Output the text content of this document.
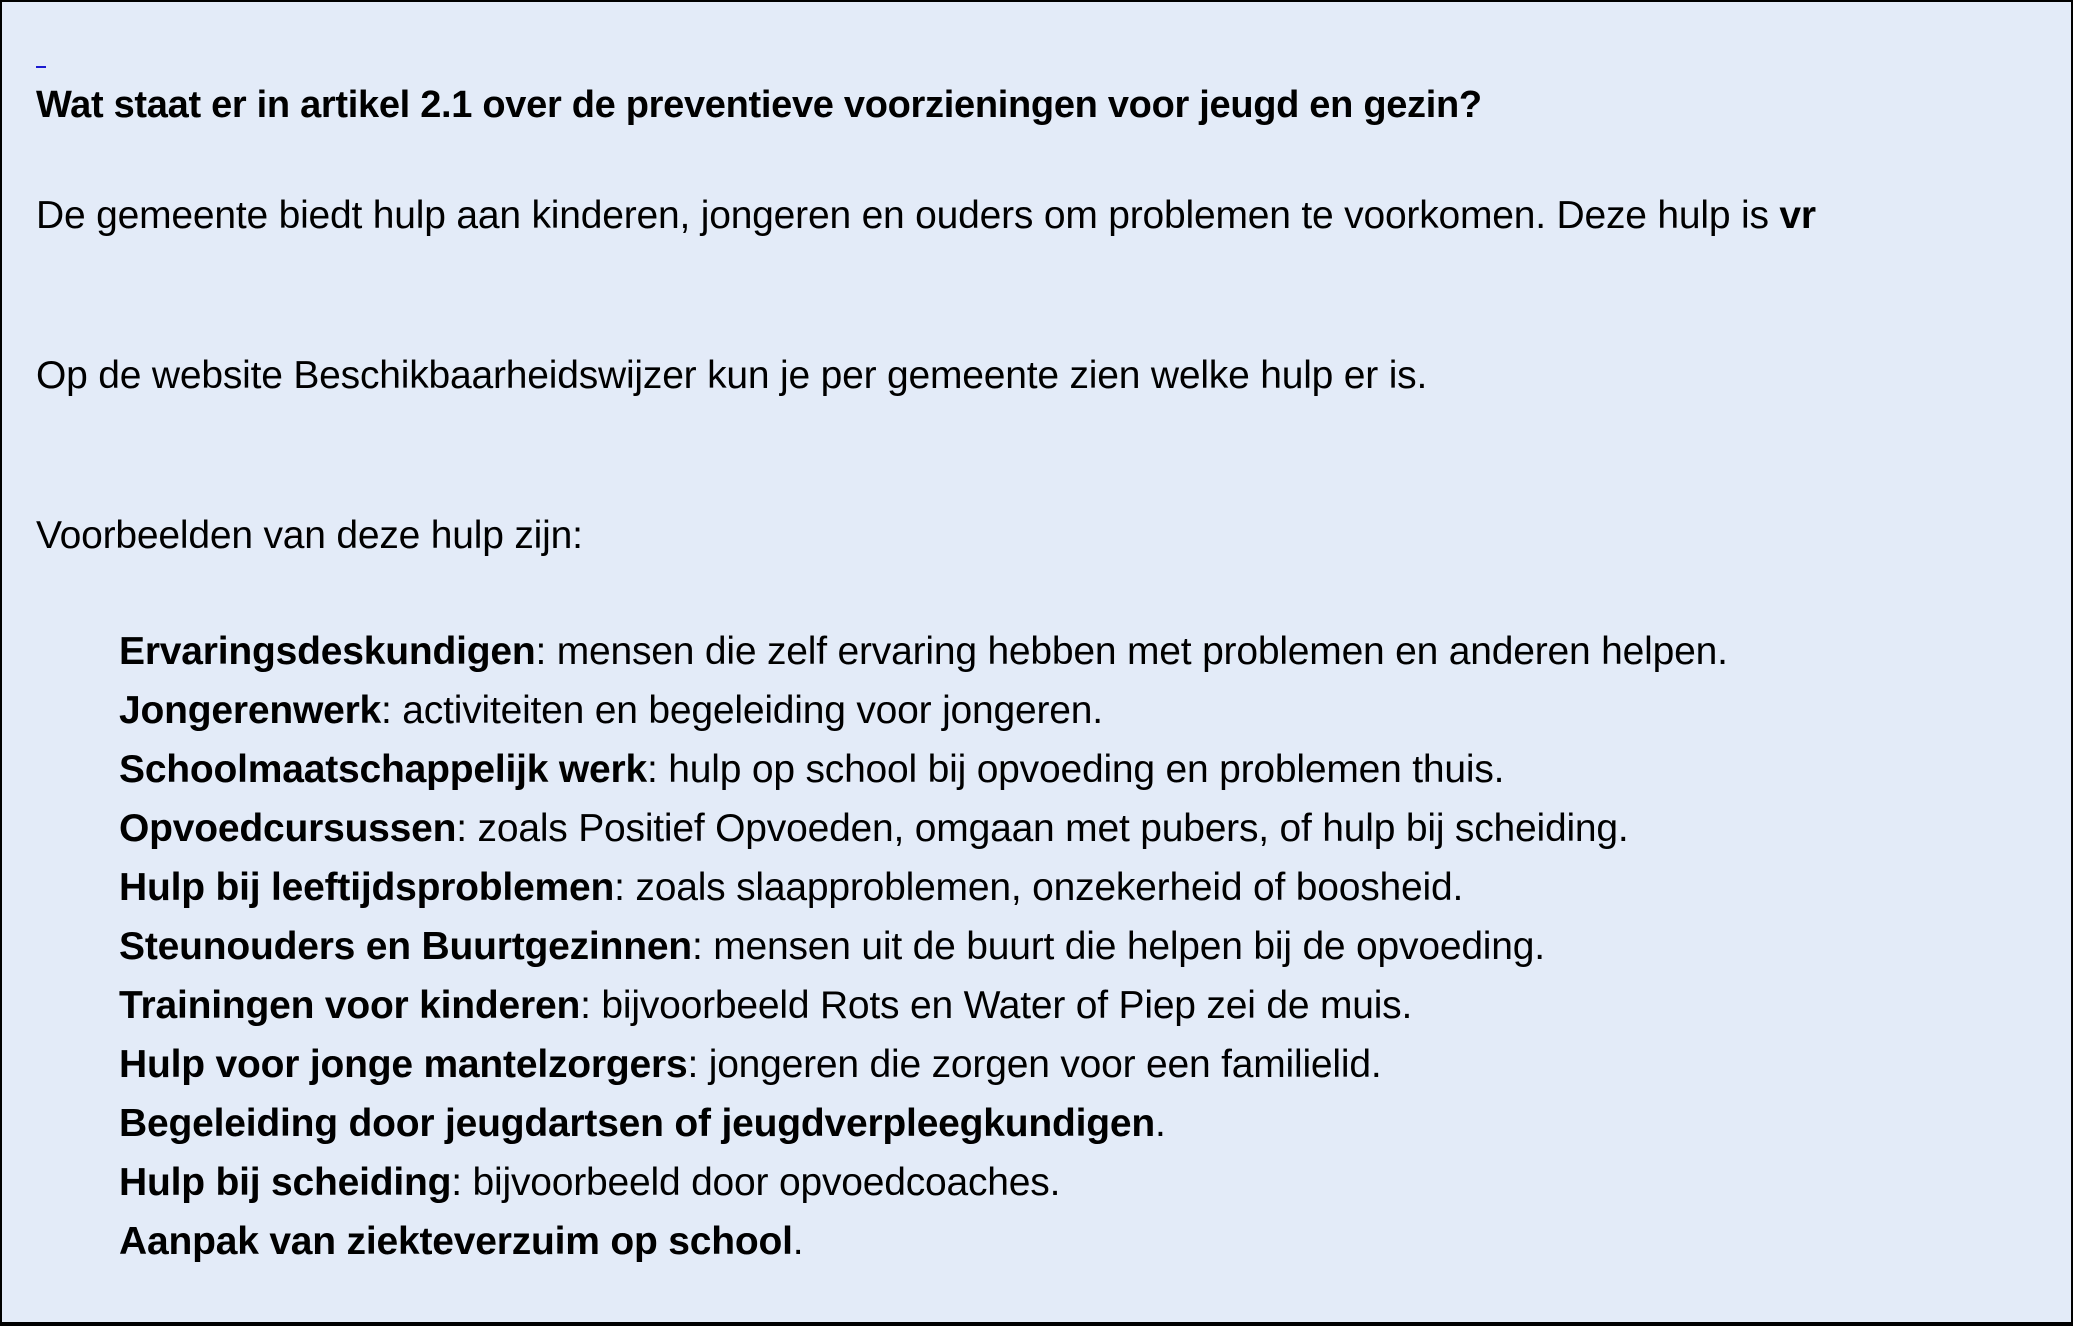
Wat staat er in artikel 2.1 over de preventieve voorzieningen voor jeugd en gezin?
De gemeente biedt hulp aan kinderen, jongeren en ouders om problemen te voorkomen. Deze hulp is vr
Op de website Beschikbaarheidswijzer kun je per gemeente zien welke hulp er is.
Voorbeelden van deze hulp zijn:
Ervaringsdeskundigen: mensen die zelf ervaring hebben met problemen en anderen helpen.
Jongerenwerk: activiteiten en begeleiding voor jongeren.
Schoolmaatschappelijk werk: hulp op school bij opvoeding en problemen thuis.
Opvoedcursussen: zoals Positief Opvoeden, omgaan met pubers, of hulp bij scheiding.
Hulp bij leeftijdsproblemen: zoals slaapproblemen, onzekerheid of boosheid.
Steunouders en Buurtgezinnen: mensen uit de buurt die helpen bij de opvoeding.
Trainingen voor kinderen: bijvoorbeeld Rots en Water of Piep zei de muis.
Hulp voor jonge mantelzorgers: jongeren die zorgen voor een familielid.
Begeleiding door jeugdartsen of jeugdverpleegkundigen.
Hulp bij scheiding: bijvoorbeeld door opvoedcoaches.
Aanpak van ziekteverzuim op school.
